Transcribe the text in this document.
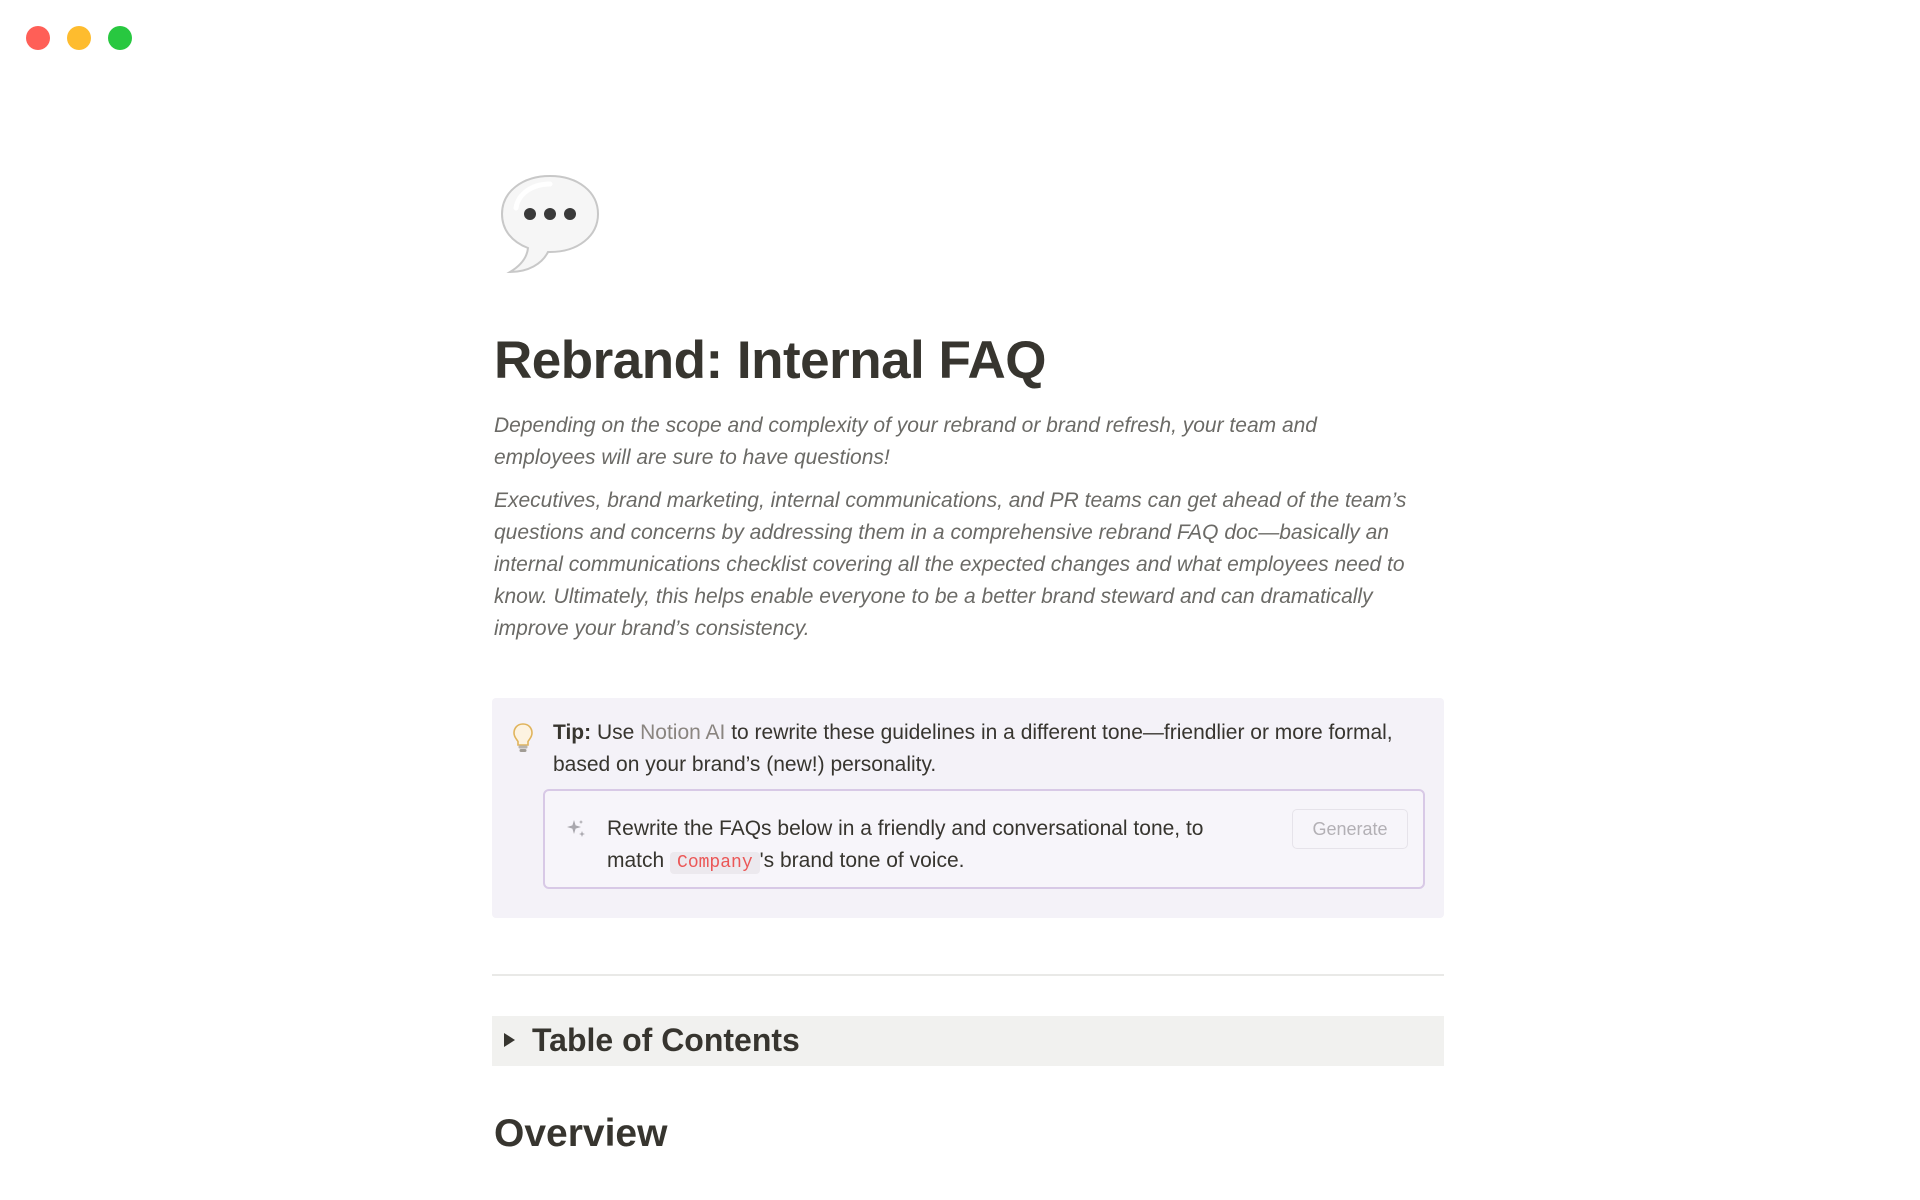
Rebrand: Internal FAQ

Depending on the scope and complexity of your rebrand or brand refresh, your team and employees will are sure to have questions!

Executives, brand marketing, internal communications, and PR teams can get ahead of the team’s questions and concerns by addressing them in a comprehensive rebrand FAQ doc—basically an internal communications checklist covering all the expected changes and what employees need to know. Ultimately, this helps enable everyone to be a better brand steward and can dramatically improve your brand’s consistency.

Tip: Use Notion AI to rewrite these guidelines in a different tone—friendlier or more formal, based on your brand’s (new!) personality.

Rewrite the FAQs below in a friendly and conversational tone, to match Company 's brand tone of voice.

Generate
Table of Contents
Overview
